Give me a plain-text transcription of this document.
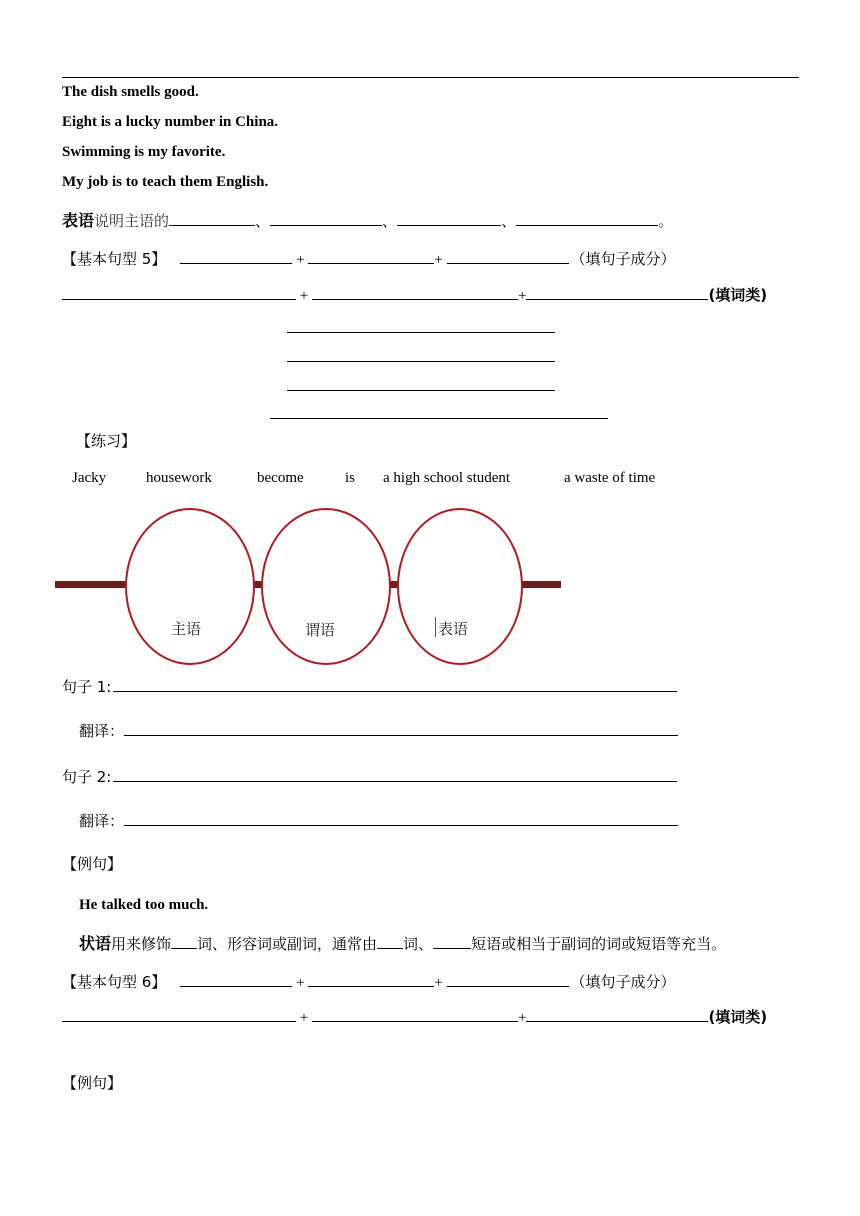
The dish smells good.
Eight is a lucky number in China.
Swimming is my favorite.
My job is to teach them English.
表语说明主语的	、	、	、	。
【基本句型 5】	+	+	（填句子成分）
+	+	(填词类)
【练习】
Jacky	housework	become	is a high school student	a waste of time
主语	谓语	表语
句子 1:
翻译：
句子 2:
翻译：
【例句】
He talked too much.
状语用来修饰 词、形容词或副词，通常由 词、	短语或相当于副词的词或短语等充当。
【基本句型 6】	+	+	（填句子成分）
+	+	(填词类)
【例句】
